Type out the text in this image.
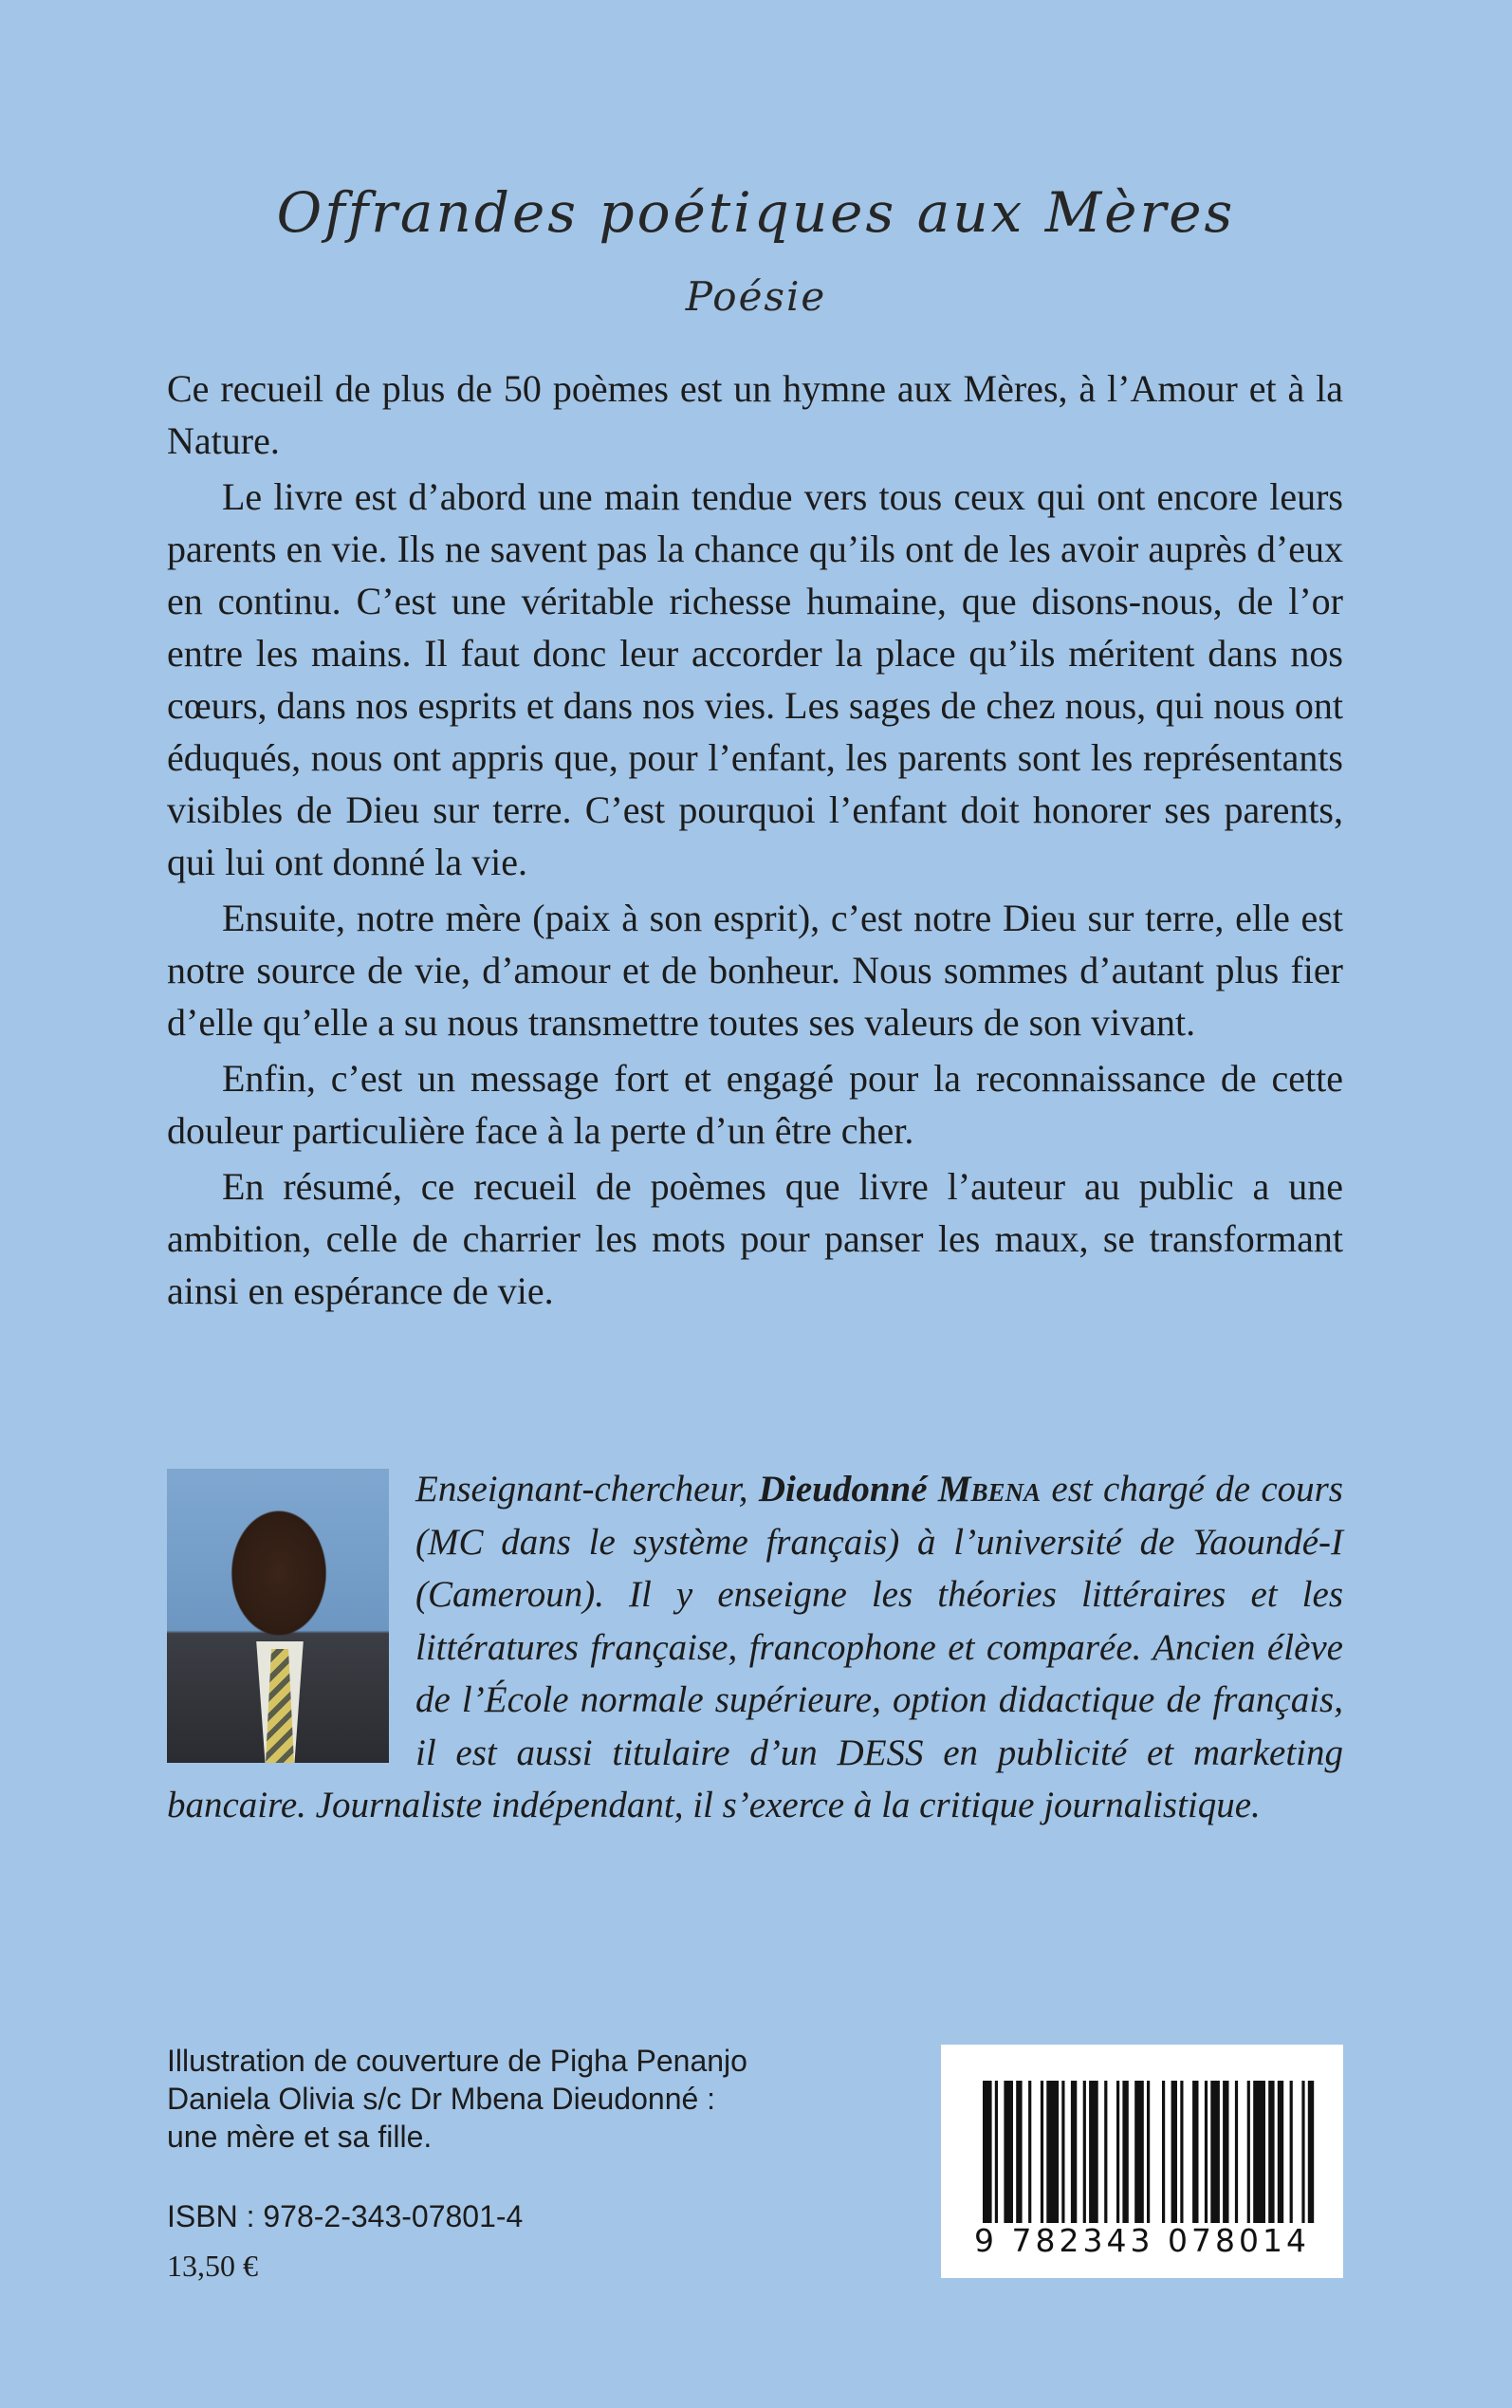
Offrandes poétiques aux Mères
Poésie

Ce recueil de plus de 50 poèmes est un hymne aux Mères, à l’Amour et à la Nature.

Le livre est d’abord une main tendue vers tous ceux qui ont encore leurs parents en vie. Ils ne savent pas la chance qu’ils ont de les avoir auprès d’eux en continu. C’est une véritable richesse humaine, que disons-nous, de l’or entre les mains. Il faut donc leur accorder la place qu’ils méritent dans nos cœurs, dans nos esprits et dans nos vies. Les sages de chez nous, qui nous ont éduqués, nous ont appris que, pour l’enfant, les parents sont les représentants visibles de Dieu sur terre. C’est pourquoi l’enfant doit honorer ses parents, qui lui ont donné la vie.

Ensuite, notre mère (paix à son esprit), c’est notre Dieu sur terre, elle est notre source de vie, d’amour et de bonheur. Nous sommes d’autant plus fier d’elle qu’elle a su nous transmettre toutes ses valeurs de son vivant.

Enfin, c’est un message fort et engagé pour la reconnaissance de cette douleur particulière face à la perte d’un être cher.

En résumé, ce recueil de poèmes que livre l’auteur au public a une ambition, celle de charrier les mots pour panser les maux, se transformant ainsi en espérance de vie.

Enseignant-chercheur, Dieudonné Mbena est chargé de cours (MC dans le système français) à l’université de Yaoundé-I (Cameroun). Il y enseigne les théories littéraires et les littératures française, francophone et comparée. Ancien élève de l’École normale supérieure, option didactique de français, il est aussi titulaire d’un DESS en publicité et marketing bancaire. Journaliste indépendant, il s’exerce à la critique journalistique.
Illustration de couverture de Pigha Penanjo
Daniela Olivia s/c Dr Mbena Dieudonné :
une mère et sa fille.
ISBN : 978-2-343-07801-4
13,50 €
9 782343 078014
